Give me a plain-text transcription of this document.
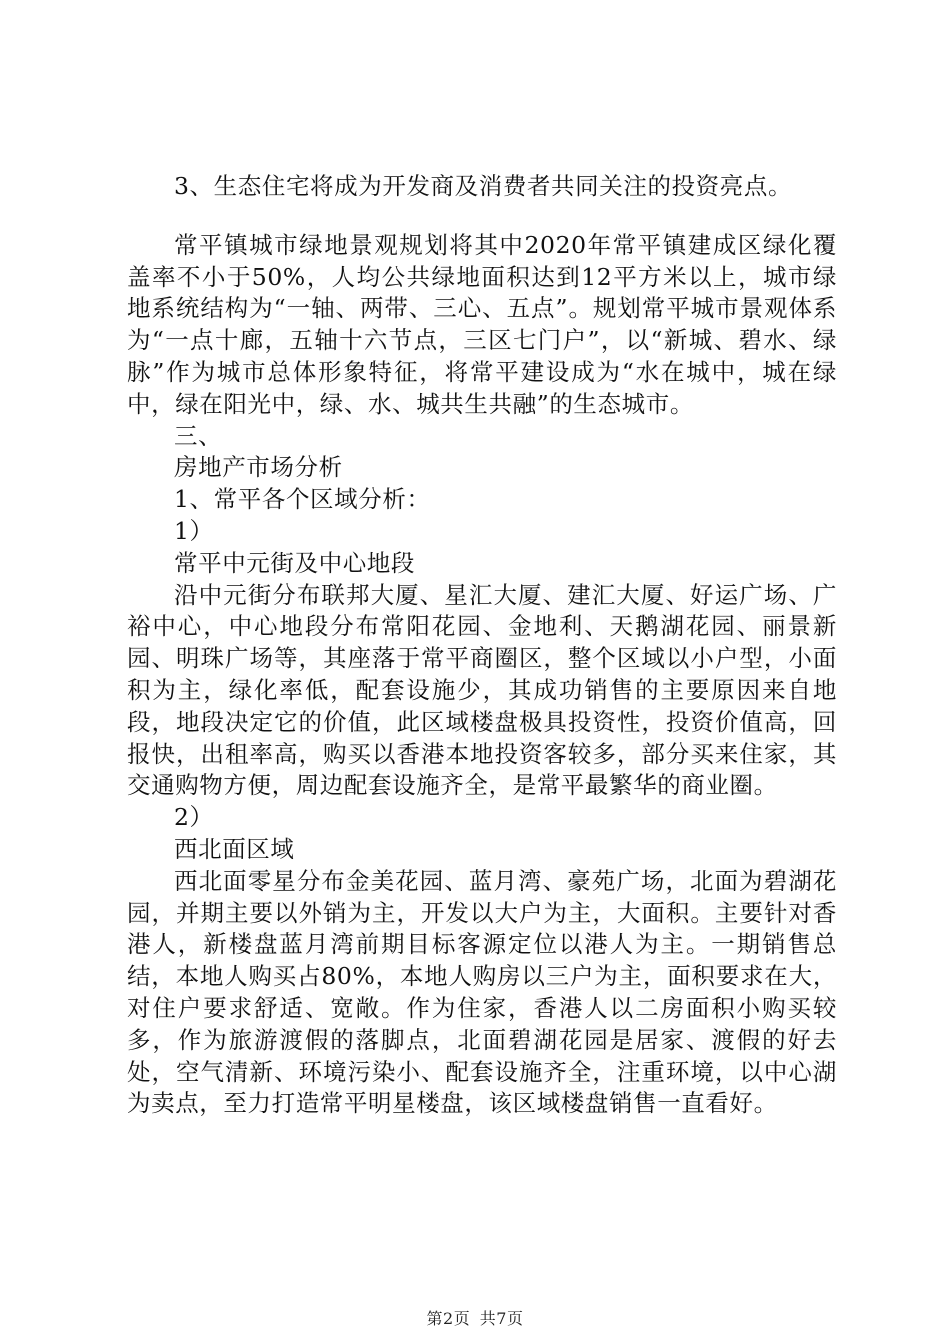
3、生态住宅将成为开发商及消费者共同关注的投资亮点。

常平镇城市绿地景观规划将其中2020年常平镇建成区绿化覆盖率不小于50%，人均公共绿地面积达到12平方米以上，城市绿地系统结构为“一轴、两带、三心、五点”。规划常平城市景观体系为“一点十廊，五轴十六节点，三区七门户”，以“新城、碧水、绿脉”作为城市总体形象特征，将常平建设成为“水在城中，城在绿中，绿在阳光中，绿、水、城共生共融”的生态城市。

三、

房地产市场分析

1、常平各个区域分析：

1）

常平中元街及中心地段

沿中元街分布联邦大厦、星汇大厦、建汇大厦、好运广场、广裕中心，中心地段分布常阳花园、金地利、天鹅湖花园、丽景新园、明珠广场等，其座落于常平商圈区，整个区域以小户型，小面积为主，绿化率低，配套设施少，其成功销售的主要原因来自地段，地段决定它的价值，此区域楼盘极具投资性，投资价值高，回报快，出租率高，购买以香港本地投资客较多，部分买来住家，其交通购物方便，周边配套设施齐全，是常平最繁华的商业圈。

2）

西北面区域

西北面零星分布金美花园、蓝月湾、豪苑广场，北面为碧湖花园，并期主要以外销为主，开发以大户为主，大面积。主要针对香港人，新楼盘蓝月湾前期目标客源定位以港人为主。一期销售总结，本地人购买占80%，本地人购房以三户为主，面积要求在大，对住户要求舒适、宽敞。作为住家，香港人以二房面积小购买较多，作为旅游渡假的落脚点，北面碧湖花园是居家、渡假的好去处，空气清新、环境污染小、配套设施齐全，注重环境，以中心湖为卖点，至力打造常平明星楼盘，该区域楼盘销售一直看好。

第2页 共7页
